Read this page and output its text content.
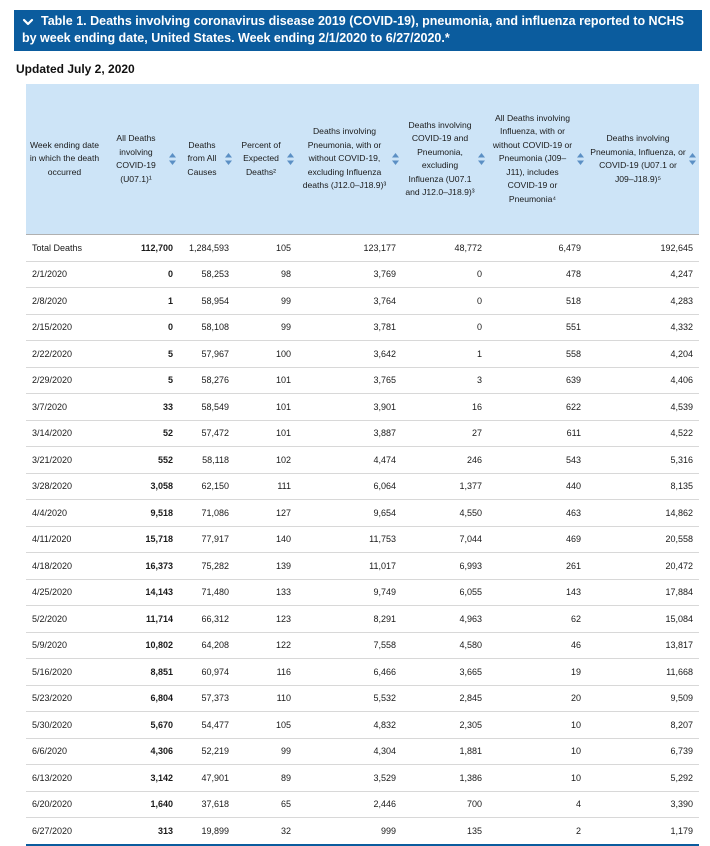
Table 1. Deaths involving coronavirus disease 2019 (COVID-19), pneumonia, and influenza reported to NCHS by week ending date, United States. Week ending 2/1/2020 to 6/27/2020.*
Updated July 2, 2020
Week ending date in which the death occurred	All Deaths involving COVID-19 (U07.1)¹	Deaths from All Causes	Percent of Expected Deaths²	Deaths involving Pneumonia, with or without COVID-19, excluding Influenza deaths (J12.0–J18.9)³	Deaths involving COVID-19 and Pneumonia, excluding Influenza (U07.1 and J12.0–J18.9)³	All Deaths involving Influenza, with or without COVID-19 or Pneumonia (J09–J11), includes COVID-19 or Pneumonia⁴	Deaths involving Pneumonia, Influenza, or COVID-19 (U07.1 or J09–J18.9)⁵

Total Deaths	112,700	1,284,593	105	123,177	48,772	6,479	192,645
2/1/2020	0	58,253	98	3,769	0	478	4,247
2/8/2020	1	58,954	99	3,764	0	518	4,283
2/15/2020	0	58,108	99	3,781	0	551	4,332
2/22/2020	5	57,967	100	3,642	1	558	4,204
2/29/2020	5	58,276	101	3,765	3	639	4,406
3/7/2020	33	58,549	101	3,901	16	622	4,539
3/14/2020	52	57,472	101	3,887	27	611	4,522
3/21/2020	552	58,118	102	4,474	246	543	5,316
3/28/2020	3,058	62,150	111	6,064	1,377	440	8,135
4/4/2020	9,518	71,086	127	9,654	4,550	463	14,862
4/11/2020	15,718	77,917	140	11,753	7,044	469	20,558
4/18/2020	16,373	75,282	139	11,017	6,993	261	20,472
4/25/2020	14,143	71,480	133	9,749	6,055	143	17,884
5/2/2020	11,714	66,312	123	8,291	4,963	62	15,084
5/9/2020	10,802	64,208	122	7,558	4,580	46	13,817
5/16/2020	8,851	60,974	116	6,466	3,665	19	11,668
5/23/2020	6,804	57,373	110	5,532	2,845	20	9,509
5/30/2020	5,670	54,477	105	4,832	2,305	10	8,207
6/6/2020	4,306	52,219	99	4,304	1,881	10	6,739
6/13/2020	3,142	47,901	89	3,529	1,386	10	5,292
6/20/2020	1,640	37,618	65	2,446	700	4	3,390
6/27/2020	313	19,899	32	999	135	2	1,179
